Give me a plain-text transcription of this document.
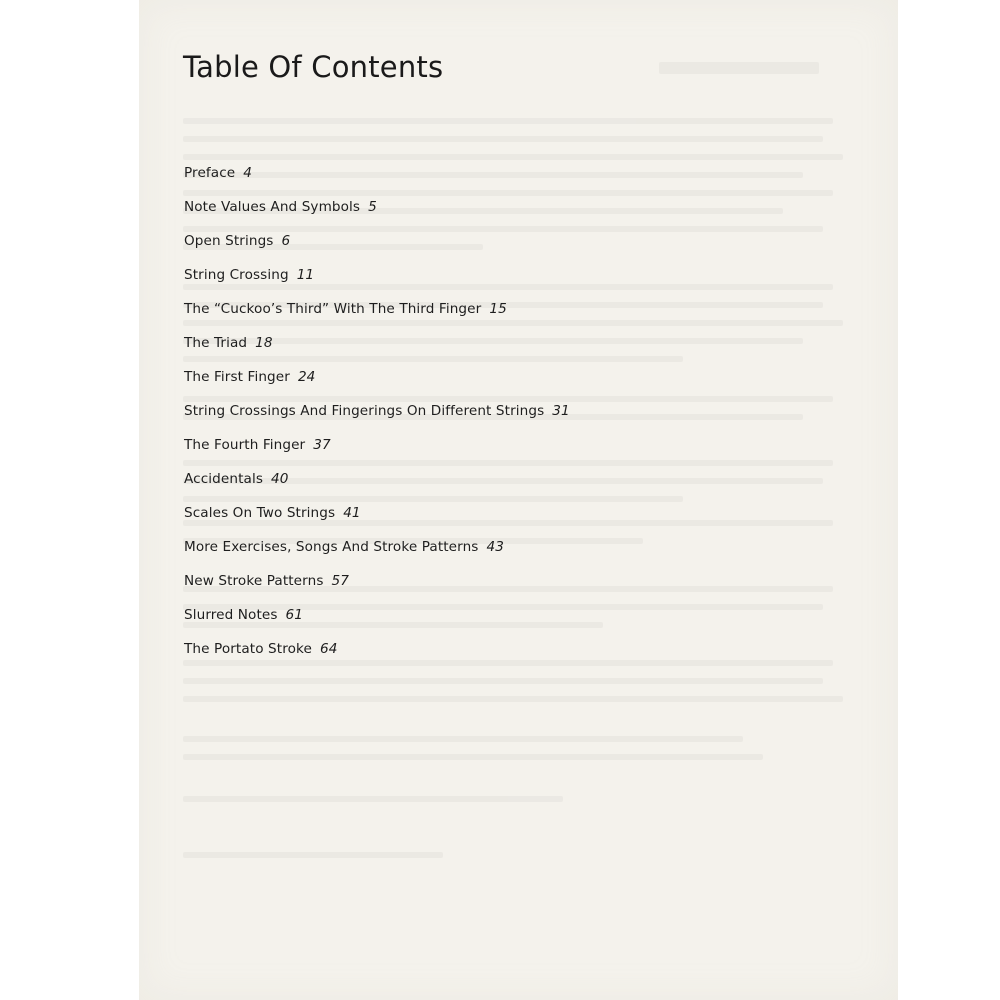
Table Of Contents
Preface 4
Note Values And Symbols 5
Open Strings 6
String Crossing 11
The “Cuckoo’s Third” With The Third Finger 15
The Triad 18
The First Finger 24
String Crossings And Fingerings On Different Strings 31
The Fourth Finger 37
Accidentals 40
Scales On Two Strings 41
More Exercises, Songs And Stroke Patterns 43
New Stroke Patterns 57
Slurred Notes 61
The Portato Stroke 64
